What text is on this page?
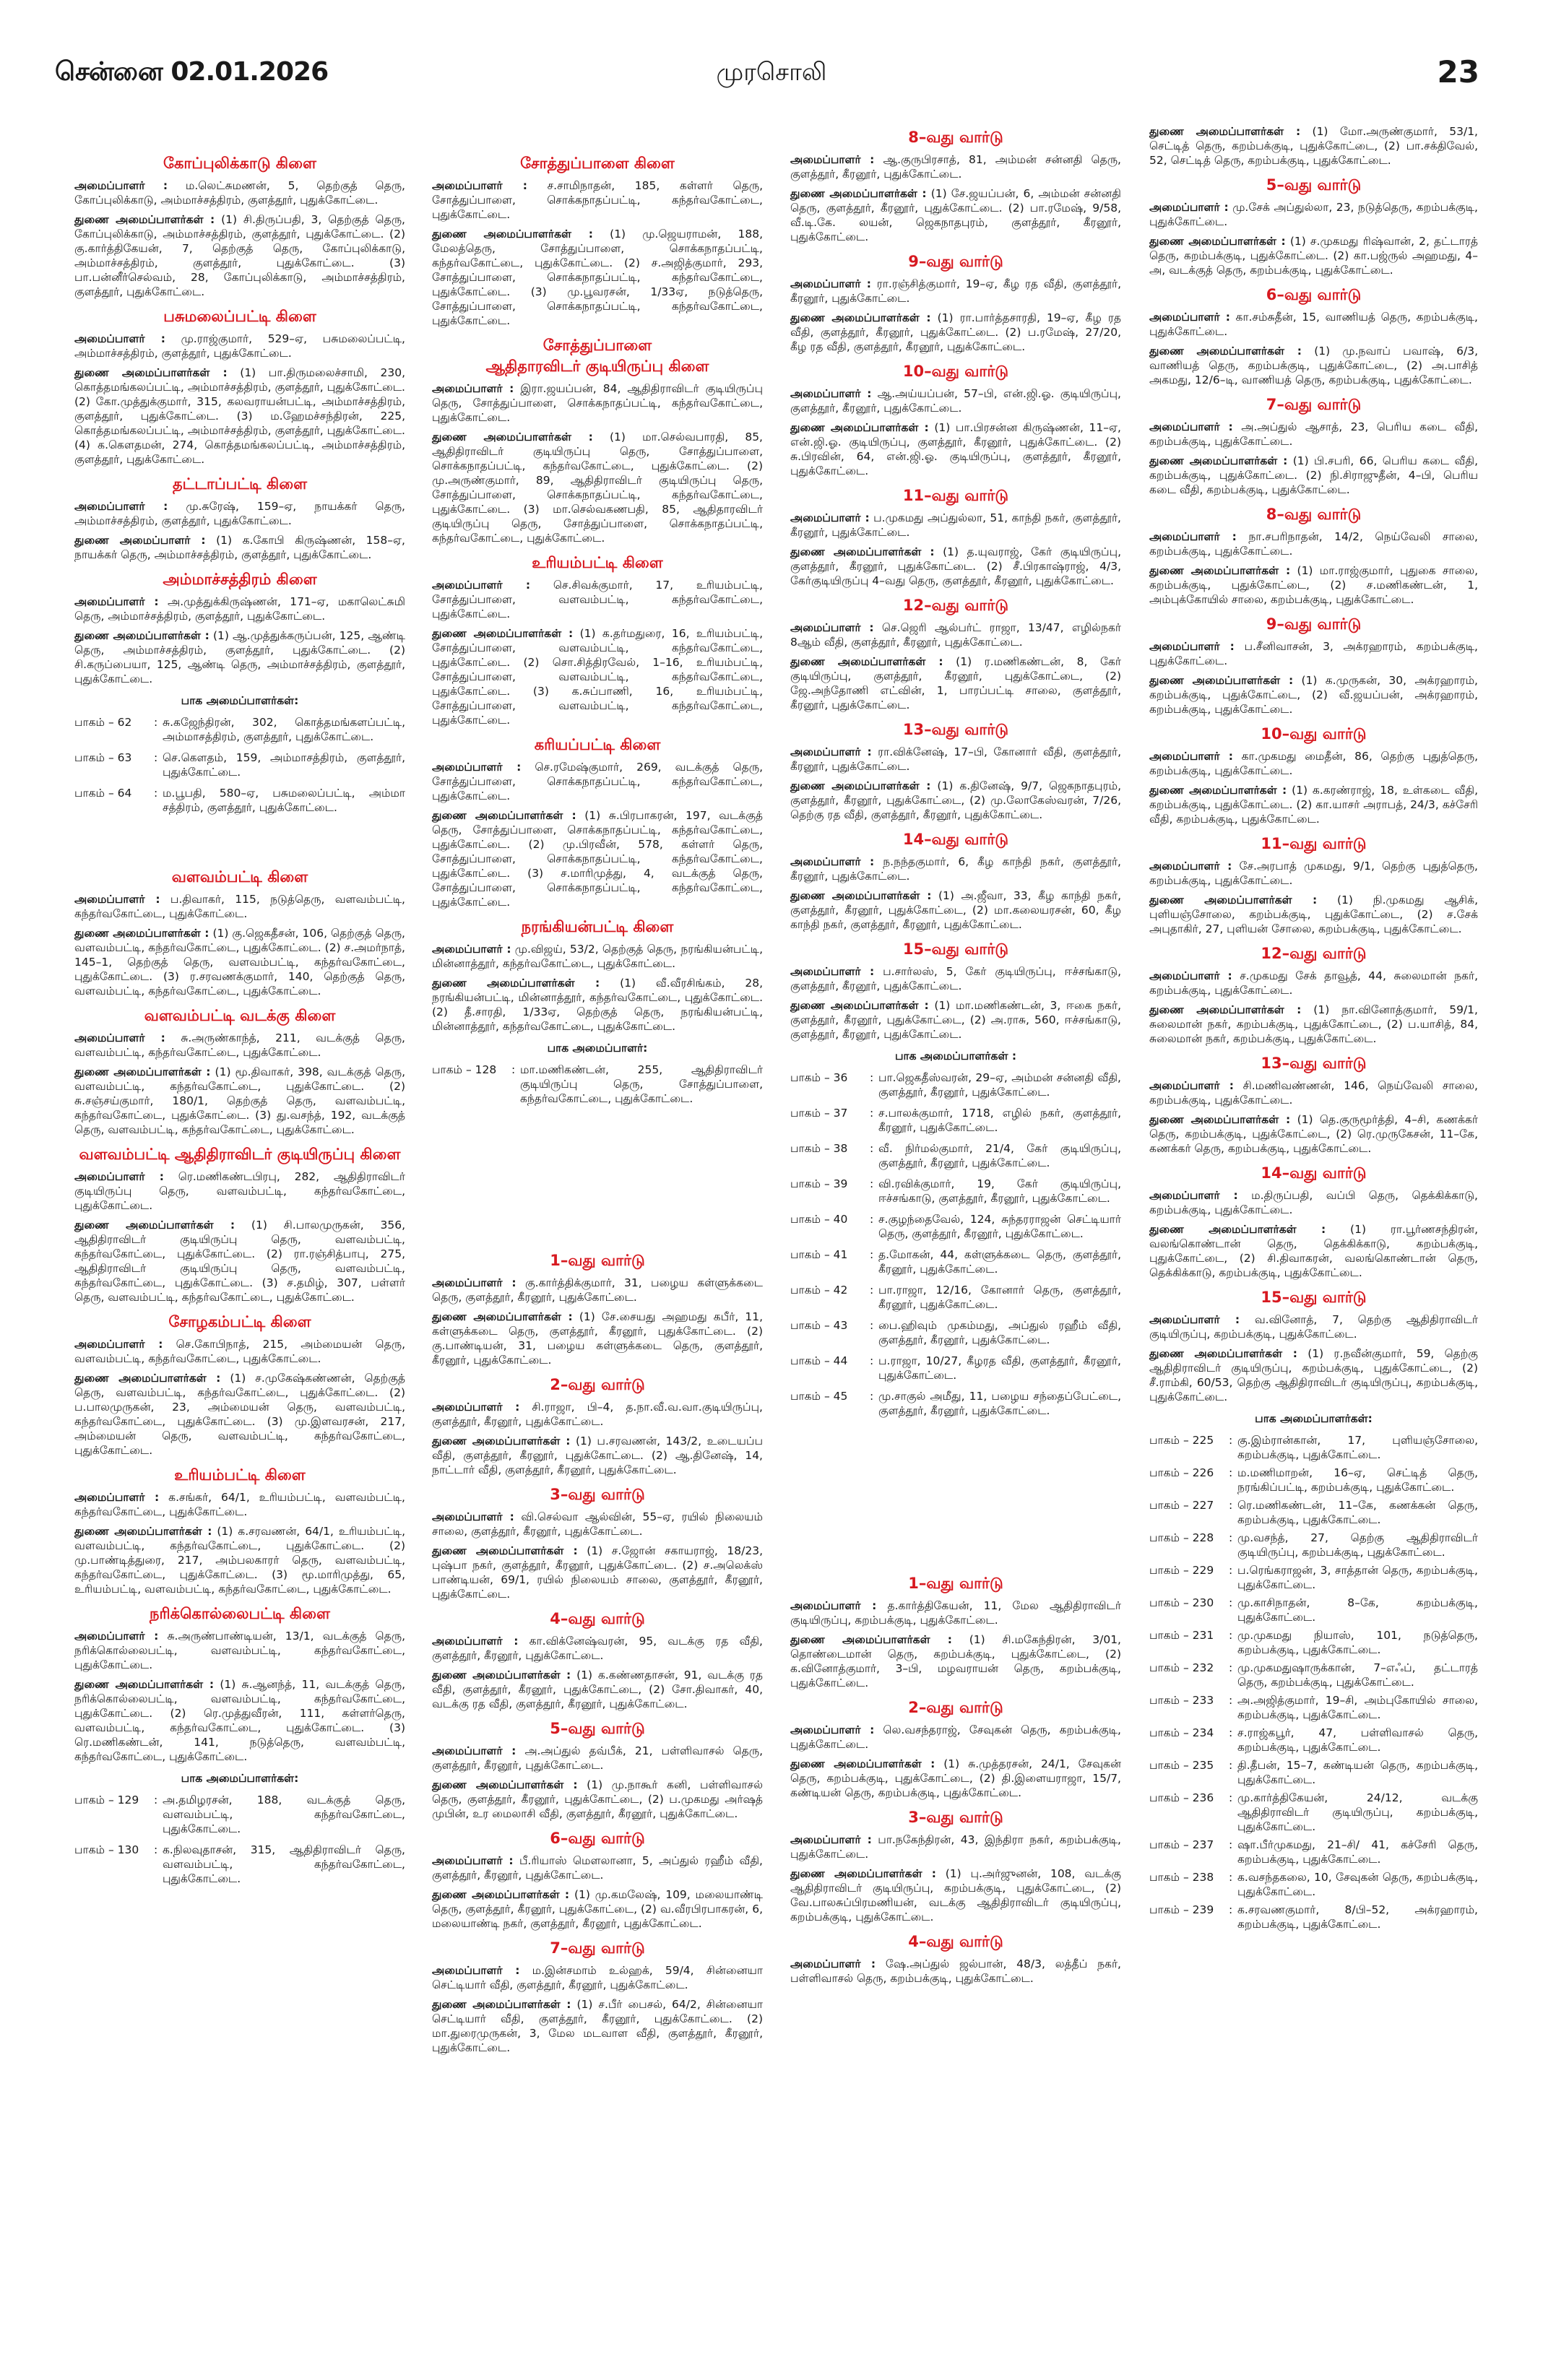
முரசொலி
சென்னை 02.01.2026	23
கோப்புலிக்காடு கிளை

அமைப்பாளர் : ம.லெட்சுமணன், 5, தெற்குத் தெரு, கோப்புலிக்காடு, அம்மாச்சத்திரம், குளத்தூர், புதுக்கோட்டை.

துணை அமைப்பாளர்கள் : (1) சி.திருப்பதி, 3, தெற்குத் தெரு, கோப்புலிக்காடு, அம்மாச்சத்திரம், குளத்தூர், புதுக்கோட்டை. (2) கு.கார்த்திகேயன், 7, தெற்குத் தெரு, கோப்புலிக்காடு, அம்மாச்சத்திரம், குளத்தூர், புதுக்கோட்டை. (3) பா.பன்னீர்செல்வம், 28, கோப்புலிக்காடு, அம்மாச்சத்திரம், குளத்தூர், புதுக்கோட்டை.

பசுமலைப்பட்டி கிளை

அமைப்பாளர் : மு.ராஜ்குமார், 529–ஏ, பசுமலைப்பட்டி, அம்மாச்சத்திரம், குளத்தூர், புதுக்கோட்டை.

துணை அமைப்பாளர்கள் : (1) பா.திருமலைச்சாமி, 230, கொத்தமங்கலப்பட்டி, அம்மாச்சத்திரம், குளத்தூர், புதுக்கோட்டை. (2) கோ.முத்துக்குமார், 315, கலவராயன்பட்டி, அம்மாச்சத்திரம், குளத்தூர், புதுக்கோட்டை. (3) ம.ஹேமச்சந்திரன், 225, கொத்தமங்கலப்பட்டி, அம்மாச்சத்திரம், குளத்தூர், புதுக்கோட்டை. (4) க.கௌதமன், 274, கொத்தமங்கலப்பட்டி, அம்மாச்சத்திரம், குளத்தூர், புதுக்கோட்டை.

தட்டாப்பட்டி கிளை

அமைப்பாளர் : மு.சுரேஷ், 159–ஏ, நாயக்கர் தெரு, அம்மாச்சத்திரம், குளத்தூர், புதுக்கோட்டை.

துணை அமைப்பாளர் : (1) க.கோபி கிருஷ்ணன், 158–ஏ, நாயக்கர் தெரு, அம்மாச்சத்திரம், குளத்தூர், புதுக்கோட்டை.

அம்மாச்சத்திரம் கிளை

அமைப்பாளர் : அ.முத்துக்கிருஷ்ணன், 171–ஏ, மகாலெட்சுமி தெரு, அம்மாச்சத்திரம், குளத்தூர், புதுக்கோட்டை.

துணை அமைப்பாளர்கள் : (1) ஆ.முத்துக்கருப்பன், 125, ஆண்டி தெரு, அம்மாச்சத்திரம், குளத்தூர், புதுக்கோட்டை. (2) சி.கருப்பையா, 125, ஆண்டி தெரு, அம்மாச்சத்திரம், குளத்தூர், புதுக்கோட்டை.

பாக அமைப்பாளர்கள்:
பாகம் – 62	: சு.கஜேந்திரன், 302, கொத்தமங்களப்பட்டி, அம்மாசத்திரம், குளத்தூர், புதுக்கோட்டை.
பாகம் – 63	: செ.கௌதம், 159, அம்மாசத்திரம், குளத்தூர், புதுக்கோட்டை.
பாகம் – 64	: ம.பூபதி, 580–ஏ, பசுமலைப்பட்டி, அம்மா சத்திரம், குளத்தூர், புதுக்கோட்டை.
வளவம்பட்டி கிளை

அமைப்பாளர் : ப.திவாகர், 115, நடுத்தெரு, வளவம்பட்டி, கந்தர்வகோட்டை, புதுக்கோட்டை.

துணை அமைப்பாளர்கள் : (1) கு.ஜெகதீசன், 106, தெற்குத் தெரு, வளவம்பட்டி, கந்தர்வகோட்டை, புதுக்கோட்டை. (2) ச.அமர்நாத், 145–1, தெற்குத் தெரு, வளவம்பட்டி, கந்தர்வகோட்டை, புதுக்கோட்டை. (3) ர.சரவணக்குமார், 140, தெற்குத் தெரு, வளவம்பட்டி, கந்தர்வகோட்டை, புதுக்கோட்டை.

வளவம்பட்டி வடக்கு கிளை

அமைப்பாளர் : சு.அருண்காந்த், 211, வடக்குத் தெரு, வளவம்பட்டி, கந்தர்வகோட்டை, புதுக்கோட்டை.

துணை அமைப்பாளர்கள் : (1) மூ.திவாகர், 398, வடக்குத் தெரு, வளவம்பட்டி, கந்தர்வகோட்டை, புதுக்கோட்டை. (2) சு.சஞ்சய்குமார், 180/1, தெற்குத் தெரு, வளவம்பட்டி, கந்தர்வகோட்டை, புதுக்கோட்டை. (3) து.வசந்த், 192, வடக்குத் தெரு, வளவம்பட்டி, கந்தர்வகோட்டை, புதுக்கோட்டை.

வளவம்பட்டி ஆதிதிராவிடர் குடியிருப்பு கிளை

அமைப்பாளர் : ரெ.மணிகண்டபிரபு, 282, ஆதிதிராவிடர் குடியிருப்பு தெரு, வளவம்பட்டி, கந்தர்வகோட்டை, புதுக்கோட்டை.

துணை அமைப்பாளர்கள் : (1) சி.பாலமுருகன், 356, ஆதிதிராவிடர் குடியிருப்பு தெரு, வளவம்பட்டி, கந்தர்வகோட்டை, புதுக்கோட்டை. (2) ரா.ரஞ்சித்பாபு, 275, ஆதிதிராவிடர் குடியிருப்பு தெரு, வளவம்பட்டி, கந்தர்வகோட்டை, புதுக்கோட்டை. (3) ச.தமிழ், 307, பள்ளர் தெரு, வளவம்பட்டி, கந்தர்வகோட்டை, புதுக்கோட்டை.

சோழகம்பட்டி கிளை

அமைப்பாளர் : செ.கோபிநாத், 215, அம்மையன் தெரு, வளவம்பட்டி, கந்தர்வகோட்டை, புதுக்கோட்டை.

துணை அமைப்பாளர்கள் : (1) ச.முகேஷ்கண்ணன், தெற்குத் தெரு, வளவம்பட்டி, கந்தர்வகோட்டை, புதுக்கோட்டை. (2) ப.பாலமுருகன், 23, அம்மையன் தெரு, வளவம்பட்டி, கந்தர்வகோட்டை, புதுக்கோட்டை. (3) மு.இளவரசன், 217, அம்மையன் தெரு, வளவம்பட்டி, கந்தர்வகோட்டை, புதுக்கோட்டை.

உரியம்பட்டி கிளை

அமைப்பாளர் : க.சங்கர், 64/1, உரியம்பட்டி, வளவம்பட்டி, கந்தர்வகோட்டை, புதுக்கோட்டை.

துணை அமைப்பாளர்கள் : (1) க.சரவணன், 64/1, உரியம்பட்டி, வளவம்பட்டி, கந்தர்வகோட்டை, புதுக்கோட்டை. (2) மு.பாண்டித்துரை, 217, அம்பலகாரர் தெரு, வளவம்பட்டி, கந்தர்வகோட்டை, புதுக்கோட்டை. (3) மூ.மாரிமுத்து, 65, உரியம்பட்டி, வளவம்பட்டி, கந்தர்வகோட்டை, புதுக்கோட்டை.

நரிக்கொல்லைபட்டி கிளை

அமைப்பாளர் : சு.அருண்பாண்டியன், 13/1, வடக்குத் தெரு, நரிக்கொல்லைபட்டி, வளவம்பட்டி, கந்தர்வகோட்டை, புதுக்கோட்டை.

துணை அமைப்பாளர்கள் : (1) சு.ஆனந்த், 11, வடக்குத் தெரு, நரிக்கொல்லைபட்டி, வளவம்பட்டி, கந்தர்வகோட்டை, புதுக்கோட்டை. (2) ரெ.முத்துவீரன், 111, கள்ளர்தெரு, வளவம்பட்டி, கந்தர்வகோட்டை, புதுக்கோட்டை. (3) ரெ.மணிகண்டன், 141, நடுத்தெரு, வளவம்பட்டி, கந்தர்வகோட்டை, புதுக்கோட்டை.

பாக அமைப்பாளர்கள்:
பாகம் – 129	: அ.தமிழரசன், 188, வடக்குத் தெரு, வளவம்பட்டி, கந்தர்வகோட்டை, புதுக்கோட்டை.
பாகம் – 130	: க.நிலவுதாசன், 315, ஆதிதிராவிடர் தெரு, வளவம்பட்டி, கந்தர்வகோட்டை, புதுக்கோட்டை.
சோத்துப்பாளை கிளை

அமைப்பாளர் : ச.சாமிநாதன், 185, கள்ளர் தெரு, சோத்துப்பாளை, சொக்கநாதப்பட்டி, கந்தர்வகோட்டை, புதுக்கோட்டை.

துணை அமைப்பாளர்கள் : (1) மு.ஜெயராமன், 188, மேலத்தெரு, சோத்துப்பாளை, சொக்கநாதப்பட்டி, கந்தர்வகோட்டை, புதுக்கோட்டை. (2) ச.அஜித்குமார், 293, சோத்துப்பாளை, சொக்கநாதப்பட்டி, கந்தர்வகோட்டை, புதுக்கோட்டை. (3) மு.பூவரசன், 1/33ஏ, நடுத்தெரு, சோத்துப்பாளை, சொக்கநாதப்பட்டி, கந்தர்வகோட்டை, புதுக்கோட்டை.

சோத்துப்பாளை
ஆதிதாரவிடர் குடியிருப்பு கிளை

அமைப்பாளர் : இரா.ஜயப்பன், 84, ஆதிதிராவிடர் குடியிருப்பு தெரு, சோத்துப்பாளை, சொக்கநாதப்பட்டி, கந்தர்வகோட்டை, புதுக்கோட்டை.

துணை அமைப்பாளர்கள் : (1) மா.செல்வபாரதி, 85, ஆதிதிராவிடர் குடியிருப்பு தெரு, சோத்துப்பாளை, சொக்கநாதப்பட்டி, கந்தர்வகோட்டை, புதுக்கோட்டை. (2) மு.அருண்குமார், 89, ஆதிதிராவிடர் குடியிருப்பு தெரு, சோத்துப்பாளை, சொக்கநாதப்பட்டி, கந்தர்வகோட்டை, புதுக்கோட்டை. (3) மா.செல்வகணபதி, 85, ஆதிதாரவிடர் குடியிருப்பு தெரு, சோத்துப்பாளை, சொக்கநாதப்பட்டி, கந்தர்வகோட்டை, புதுக்கோட்டை.

உரியம்பட்டி கிளை

அமைப்பாளர் : செ.சிவக்குமார், 17, உரியம்பட்டி, சோத்துப்பாளை, வளவம்பட்டி, கந்தர்வகோட்டை, புதுக்கோட்டை.

துணை அமைப்பாளர்கள் : (1) க.தர்மதுரை, 16, உரியம்பட்டி, சோத்துப்பாளை, வளவம்பட்டி, கந்தர்வகோட்டை, புதுக்கோட்டை. (2) சொ.சித்திரவேல், 1–16, உரியம்பட்டி, சோத்துப்பாளை, வளவம்பட்டி, கந்தர்வகோட்டை, புதுக்கோட்டை. (3) க.சுப்பாணி, 16, உரியம்பட்டி, சோத்துப்பாளை, வளவம்பட்டி, கந்தர்வகோட்டை, புதுக்கோட்டை.

கரியப்பட்டி கிளை

அமைப்பாளர் : செ.ரமேஷ்குமார், 269, வடக்குத் தெரு, சோத்துப்பாளை, சொக்கநாதப்பட்டி, கந்தர்வகோட்டை, புதுக்கோட்டை.

துணை அமைப்பாளர்கள் : (1) சு.பிரபாகரன், 197, வடக்குத் தெரு, சோத்துப்பாளை, சொக்கநாதப்பட்டி, கந்தர்வகோட்டை, புதுக்கோட்டை. (2) மு.பிரவீன், 578, கள்ளர் தெரு, சோத்துப்பாளை, சொக்கநாதப்பட்டி, கந்தர்வகோட்டை, புதுக்கோட்டை. (3) ச.மாரிமுத்து, 4, வடக்குத் தெரு, சோத்துப்பாளை, சொக்கநாதப்பட்டி, கந்தர்வகோட்டை, புதுக்கோட்டை.

நரங்கியன்பட்டி கிளை

அமைப்பாளர் : மு.விஜய், 53/2, தெற்குத் தெரு, நரங்கியன்பட்டி, மின்னாத்தூர், கந்தர்வகோட்டை, புதுக்கோட்டை.

துணை அமைப்பாளர்கள் : (1) வீ.வீரசிங்கம், 28, நரங்கியன்பட்டி, மின்னாத்தூர், கந்தர்வகோட்டை, புதுக்கோட்டை. (2) தீ.சாரதி, 1/33ஏ, தெற்குத் தெரு, நரங்கியன்பட்டி, மின்னாத்தூர், கந்தர்வகோட்டை, புதுக்கோட்டை.

பாக அமைப்பாளர்:
பாகம் – 128	: மா.மணிகண்டன், 255, ஆதிதிராவிடர் குடியிருப்பு தெரு, சோத்துப்பாளை, கந்தர்வகோட்டை, புதுக்கோட்டை.
1–வது வார்டு

அமைப்பாளர் : கு.கார்த்திக்குமார், 31, பழைய கள்ளுக்கடை தெரு, குளத்தூர், கீரனூர், புதுக்கோட்டை.

துணை அமைப்பாளர்கள் : (1) சே.சையது அஹமது கபீர், 11, கள்ளுக்கடை தெரு, குளத்தூர், கீரனூர், புதுக்கோட்டை. (2) கு.பாண்டியன், 31, பழைய கள்ளுக்கடை தெரு, குளத்தூர், கீரனூர், புதுக்கோட்டை.

2–வது வார்டு

அமைப்பாளர் : சி.ராஜா, பி–4, த.நா.வீ.வ.வா.குடியிருப்பு, குளத்தூர், கீரனூர், புதுக்கோட்டை.

துணை அமைப்பாளர்கள் : (1) ப.சரவணன், 143/2, உடையப்ப வீதி, குளத்தூர், கீரனூர், புதுக்கோட்டை. (2) ஆ.தினேஷ், 14, நாட்டார் வீதி, குளத்தூர், கீரனூர், புதுக்கோட்டை.

3–வது வார்டு

அமைப்பாளர் : வி.செல்வா ஆல்வின், 55–ஏ, ரயில் நிலையம் சாலை, குளத்தூர், கீரனூர், புதுக்கோட்டை.

துணை அமைப்பாளர்கள் : (1) ச.ஜோன் சகாயராஜ், 18/23, புஷ்பா நகர், குளத்தூர், கீரனூர், புதுக்கோட்டை. (2) ச.அலெக்ஸ் பாண்டியன், 69/1, ரயில் நிலையம் சாலை, குளத்தூர், கீரனூர், புதுக்கோட்டை.

4–வது வார்டு

அமைப்பாளர் : கா.விக்னேஷ்வரன், 95, வடக்கு ரத வீதி, குளத்தூர், கீரனூர், புதுக்கோட்டை.

துணை அமைப்பாளர்கள் : (1) க.கண்ணதாசன், 91, வடக்கு ரத வீதி, குளத்தூர், கீரனூர், புதுக்கோட்டை, (2) சோ.திவாகர், 40, வடக்கு ரத வீதி, குளத்தூர், கீரனூர், புதுக்கோட்டை.

5–வது வார்டு

அமைப்பாளர் : அ.அப்துல் தவ்பீக், 21, பள்ளிவாசல் தெரு, குளத்தூர், கீரனூர், புதுக்கோட்டை.

துணை அமைப்பாளர்கள் : (1) மு.நாகூர் கனி, பள்ளிவாசல் தெரு, குளத்தூர், கீரனூர், புதுக்கோட்டை, (2) ப.முகமது அர்ஷத் முபின், உர மைலாசி வீதி, குளத்தூர், கீரனூர், புதுக்கோட்டை.

6–வது வார்டு

அமைப்பாளர் : பீ.ரியாஸ் மௌலானா, 5, அப்துல் ரஹீம் வீதி, குளத்தூர், கீரனூர், புதுக்கோட்டை.

துணை அமைப்பாளர்கள் : (1) மு.கமலேஷ், 109, மலையாண்டி தெரு, குளத்தூர், கீரனூர், புதுக்கோட்டை, (2) வ.வீரபிரபாகரன், 6, மலையாண்டி நகர், குளத்தூர், கீரனூர், புதுக்கோட்டை.

7–வது வார்டு

அமைப்பாளர் : ம.இன்சமாம் உல்ஹக், 59/4, சின்னையா செட்டியார் வீதி, குளத்தூர், கீரனூர், புதுக்கோட்டை.

துணை அமைப்பாளர்கள் : (1) ச.பீர் பைசல், 64/2, சின்னையா செட்டியார் வீதி, குளத்தூர், கீரனூர், புதுக்கோட்டை. (2) மா.துரைமுருகன், 3, மேல மடவாள வீதி, குளத்தூர், கீரனூர், புதுக்கோட்டை.

8–வது வார்டு

அமைப்பாளர் : ஆ.குருபிரசாத், 81, அம்மன் சன்னதி தெரு, குளத்தூர், கீரனூர், புதுக்கோட்டை.

துணை அமைப்பாளர்கள் : (1) சே.ஜயப்பன், 6, அம்மன் சன்னதி தெரு, குளத்தூர், கீரனூர், புதுக்கோட்டை. (2) பா.ரமேஷ், 9/58, வீ.டி.கே. லயன், ஜெகநாதபுரம், குளத்தூர், கீரனூர், புதுக்கோட்டை.

9–வது வார்டு

அமைப்பாளர் : ரா.ரஞ்சித்குமார், 19–ஏ, கீழ ரத வீதி, குளத்தூர், கீரனூர், புதுக்கோட்டை.

துணை அமைப்பாளர்கள் : (1) ரா.பார்த்தசாரதி, 19–ஏ, கீழ ரத வீதி, குளத்தூர், கீரனூர், புதுக்கோட்டை. (2) ப.ரமேஷ், 27/20, கீழ ரத வீதி, குளத்தூர், கீரனூர், புதுக்கோட்டை.

10–வது வார்டு

அமைப்பாளர் : ஆ.அய்யப்பன், 57–பி, என்.ஜி.ஓ. குடியிருப்பு, குளத்தூர், கீரனூர், புதுக்கோட்டை.

துணை அமைப்பாளர்கள் : (1) பா.பிரசன்ன கிருஷ்ணன், 11–ஏ, என்.ஜி.ஓ. குடியிருப்பு, குளத்தூர், கீரனூர், புதுக்கோட்டை. (2) சு.பிரவின், 64, என்.ஜி.ஓ. குடியிருப்பு, குளத்தூர், கீரனூர், புதுக்கோட்டை.

11–வது வார்டு

அமைப்பாளர் : ப.முகமது அப்துல்லா, 51, காந்தி நகர், குளத்தூர், கீரனூர், புதுக்கோட்டை.

துணை அமைப்பாளர்கள் : (1) த.யுவராஜ், கேர் குடியிருப்பு, குளத்தூர், கீரனூர், புதுக்கோட்டை. (2) சீ.பிரகாஷ்ராஜ், 4/3, கேர்குடியிருப்பு 4–வது தெரு, குளத்தூர், கீரனூர், புதுக்கோட்டை.

12–வது வார்டு

அமைப்பாளர் : செ.ஜெரி ஆல்பர்ட் ராஜா, 13/47, எழில்நகர் 8ஆம் வீதி, குளத்தூர், கீரனூர், புதுக்கோட்டை.

துணை அமைப்பாளர்கள் : (1) ர.மணிகண்டன், 8, கேர் குடியிருப்பு, குளத்தூர், கீரனூர், புதுக்கோட்டை, (2) ஜே.அந்தோணி எட்வின், 1, பாரப்பட்டி சாலை, குளத்தூர், கீரனூர், புதுக்கோட்டை.

13–வது வார்டு

அமைப்பாளர் : ரா.விக்னேஷ், 17–பி, கோனார் வீதி, குளத்தூர், கீரனூர், புதுக்கோட்டை.

துணை அமைப்பாளர்கள் : (1) க.தினேஷ், 9/7, ஜெகநாதபுரம், குளத்தூர், கீரனூர், புதுக்கோட்டை, (2) மு.லோகேஸ்வரன், 7/26, தெற்கு ரத வீதி, குளத்தூர், கீரனூர், புதுக்கோட்டை.

14–வது வார்டு

அமைப்பாளர் : ந.நந்தகுமார், 6, கீழ காந்தி நகர், குளத்தூர், கீரனூர், புதுக்கோட்டை.

துணை அமைப்பாளர்கள் : (1) அ.ஜீவா, 33, கீழ காந்தி நகர், குளத்தூர், கீரனூர், புதுக்கோட்டை, (2) மா.கலையரசன், 60, கீழ காந்தி நகர், குளத்தூர், கீரனூர், புதுக்கோட்டை.

15–வது வார்டு

அமைப்பாளர் : ப.சார்லஸ், 5, கேர் குடியிருப்பு, ஈச்சங்காடு, குளத்தூர், கீரனூர், புதுக்கோட்டை.

துணை அமைப்பாளர்கள் : (1) மா.மணிகண்டன், 3, ஈகை நகர், குளத்தூர், கீரனூர், புதுக்கோட்டை, (2) அ.ராசு, 560, ஈச்சங்காடு, குளத்தூர், கீரனூர், புதுக்கோட்டை.

பாக அமைப்பாளர்கள் :
பாகம் – 36	: பா.ஜெகதீஸ்வரன், 29–ஏ, அம்மன் சன்னதி வீதி, குளத்தூர், கீரனூர், புதுக்கோட்டை.
பாகம் – 37	: ச.பாலக்குமார், 1718, எழில் நகர், குளத்தூர், கீரனூர், புதுக்கோட்டை.
பாகம் – 38	: வீ. நிர்மல்குமார், 21/4, கேர் குடியிருப்பு, குளத்தூர், கீரனூர், புதுக்கோட்டை.
பாகம் – 39	: வி.ரவிக்குமார், 19, கேர் குடியிருப்பு, ஈச்சங்காடு, குளத்தூர், கீரனூர், புதுக்கோட்டை.
பாகம் – 40	: ச.குழந்தைவேல், 124, சுந்தரராஜன் செட்டியார் தெரு, குளத்தூர், கீரனூர், புதுக்கோட்டை.
பாகம் – 41	: த.மோகன், 44, கள்ளுக்கடை தெரு, குளத்தூர், கீரனூர், புதுக்கோட்டை.
பாகம் – 42	: பா.ராஜா, 12/16, கோனார் தெரு, குளத்தூர், கீரனூர், புதுக்கோட்டை.
பாகம் – 43	: பை.ஹிவும் முகம்மது, அப்துல் ரஹீம் வீதி, குளத்தூர், கீரனூர், புதுக்கோட்டை.
பாகம் – 44	: ப.ராஜா, 10/27, கீழரத வீதி, குளத்தூர், கீரனூர், புதுக்கோட்டை.
பாகம் – 45	: மு.சாகுல் அமீது, 11, பழைய சந்தைப்பேட்டை, குளத்தூர், கீரனூர், புதுக்கோட்டை.
1–வது வார்டு

அமைப்பாளர் : த.கார்த்திகேயன், 11, மேல ஆதிதிராவிடர் குடியிருப்பு, கறம்பக்குடி, புதுக்கோட்டை.

துணை அமைப்பாளர்கள் : (1) சி.மகேந்திரன், 3/01, தொண்டைமான் தெரு, கறம்பக்குடி, புதுக்கோட்டை, (2) க.வினோத்குமார், 3–பி, மழவராயன் தெரு, கறம்பக்குடி, புதுக்கோட்டை.

2–வது வார்டு

அமைப்பாளர் : லெ.வசந்தராஜ், சேவுகன் தெரு, கறம்பக்குடி, புதுக்கோட்டை.

துணை அமைப்பாளர்கள் : (1) சு.முத்தரசன், 24/1, சேவுகன் தெரு, கறம்பக்குடி, புதுக்கோட்டை, (2) தி.இளையராஜா, 15/7, கண்டியன் தெரு, கறம்பக்குடி, புதுக்கோட்டை.

3–வது வார்டு

அமைப்பாளர் : பா.நகேந்திரன், 43, இந்திரா நகர், கறம்பக்குடி, புதுக்கோட்டை.

துணை அமைப்பாளர்கள் : (1) பு.அர்ஜுனன், 108, வடக்கு ஆதிதிராவிடர் குடியிருப்பு, கறம்பக்குடி, புதுக்கோட்டை, (2) வே.பாலசுப்பிரமணியன், வடக்கு ஆதிதிராவிடர் குடியிருப்பு, கறம்பக்குடி, புதுக்கோட்டை.

4–வது வார்டு

அமைப்பாளர் : ஷே.அப்துல் ஜல்பான், 48/3, லத்தீப் நகர், பள்ளிவாசல் தெரு, கறம்பக்குடி, புதுக்கோட்டை.

துணை அமைப்பாளர்கள் : (1) மோ.அருண்குமார், 53/1, செட்டித் தெரு, கறம்பக்குடி, புதுக்கோட்டை, (2) பா.சக்திவேல், 52, செட்டித் தெரு, கறம்பக்குடி, புதுக்கோட்டை.

5–வது வார்டு

அமைப்பாளர் : மு.சேக் அப்துல்லா, 23, நடுத்தெரு, கறம்பக்குடி, புதுக்கோட்டை.

துணை அமைப்பாளர்கள் : (1) ச.முகமது ரிஷ்வான், 2, தட்டாரத் தெரு, கறம்பக்குடி, புதுக்கோட்டை. (2) கா.பஜ்ருல் அஹமது, 4–அ, வடக்குத் தெரு, கறம்பக்குடி, புதுக்கோட்டை.

6–வது வார்டு

அமைப்பாளர் : கா.சம்சுதீன், 15, வாணியத் தெரு, கறம்பக்குடி, புதுக்கோட்டை.

துணை அமைப்பாளர்கள் : (1) மு.நவாப் பவாஷ், 6/3, வாணியத் தெரு, கறம்பக்குடி, புதுக்கோட்டை, (2) அ.பாசித் அகமது, 12/6–டி, வாணியத் தெரு, கறம்பக்குடி, புதுக்கோட்டை.

7–வது வார்டு

அமைப்பாளர் : அ.அப்துல் ஆசாத், 23, பெரிய கடை வீதி, கறம்பக்குடி, புதுக்கோட்டை.

துணை அமைப்பாளர்கள் : (1) பி.சபரி, 66, பெரிய கடை வீதி, கறம்பக்குடி, புதுக்கோட்டை. (2) நி.சிராஜுதீன், 4–பி, பெரிய கடை வீதி, கறம்பக்குடி, புதுக்கோட்டை.

8–வது வார்டு

அமைப்பாளர் : நா.சபரிநாதன், 14/2, நெய்வேலி சாலை, கறம்பக்குடி, புதுக்கோட்டை.

துணை அமைப்பாளர்கள் : (1) மா.ராஜ்குமார், புதுகை சாலை, கறம்பக்குடி, புதுக்கோட்டை, (2) ச.மணிகண்டன், 1, அம்புக்கோயில் சாலை, கறம்பக்குடி, புதுக்கோட்டை.

9–வது வார்டு

அமைப்பாளர் : ப.சீனிவாசன், 3, அக்ரஹாரம், கறம்பக்குடி, புதுக்கோட்டை.

துணை அமைப்பாளர்கள் : (1) க.முருகன், 30, அக்ரஹாரம், கறம்பக்குடி, புதுக்கோட்டை, (2) வீ.ஜயப்பன், அக்ரஹாரம், கறம்பக்குடி, புதுக்கோட்டை.

10–வது வார்டு

அமைப்பாளர் : கா.முகமது மைதீன், 86, தெற்கு புதுத்தெரு, கறம்பக்குடி, புதுக்கோட்டை.

துணை அமைப்பாளர்கள் : (1) க.கரண்ராஜ், 18, உள்கடை வீதி, கறம்பக்குடி, புதுக்கோட்டை. (2) கா.யாசர் அராபத், 24/3, கச்சேரி வீதி, கறம்பக்குடி, புதுக்கோட்டை.

11–வது வார்டு

அமைப்பாளர் : சே.அரபாத் முகமது, 9/1, தெற்கு புதுத்தெரு, கறம்பக்குடி, புதுக்கோட்டை.

துணை அமைப்பாளர்கள் : (1) நி.முகமது ஆசிக், புளியஞ்சோலை, கறம்பக்குடி, புதுக்கோட்டை, (2) ச.சேக் அபுதாகிர், 27, புளியன் சோலை, கறம்பக்குடி, புதுக்கோட்டை.

12–வது வார்டு

அமைப்பாளர் : ச.முகமது சேக் தாவூத், 44, சுலைமான் நகர், கறம்பக்குடி, புதுக்கோட்டை.

துணை அமைப்பாளர்கள் : (1) நா.வினோத்குமார், 59/1, சுலைமான் நகர், கறம்பக்குடி, புதுக்கோட்டை, (2) ப.யாசித், 84, சுலைமான் நகர், கறம்பக்குடி, புதுக்கோட்டை.

13–வது வார்டு

அமைப்பாளர் : சி.மணிவண்ணன், 146, நெய்வேலி சாலை, கறம்பக்குடி, புதுக்கோட்டை.

துணை அமைப்பாளர்கள் : (1) தெ.குருமூர்த்தி, 4–சி, கணக்கர் தெரு, கறம்பக்குடி, புதுக்கோட்டை, (2) ரெ.முருகேசன், 11–கே, கணக்கர் தெரு, கறம்பக்குடி, புதுக்கோட்டை.

14–வது வார்டு

அமைப்பாளர் : ம.திருப்பதி, வப்பி தெரு, தெக்கிக்காடு, கறம்பக்குடி, புதுக்கோட்டை.

துணை அமைப்பாளர்கள் : (1) ரா.பூர்ணசந்திரன், வலங்கொண்டான் தெரு, தெக்கிக்காடு, கறம்பக்குடி, புதுக்கோட்டை, (2) சி.திவாகரன், வலங்கொண்டான் தெரு, தெக்கிக்காடு, கறம்பக்குடி, புதுக்கோட்டை.

15–வது வார்டு

அமைப்பாளர் : வ.வினோத், 7, தெற்கு ஆதிதிராவிடர் குடியிருப்பு, கறம்பக்குடி, புதுக்கோட்டை.

துணை அமைப்பாளர்கள் : (1) ர.நவீன்குமார், 59, தெற்கு ஆதிதிராவிடர் குடியிருப்பு, கறம்பக்குடி, புதுக்கோட்டை, (2) சீ.ராம்கி, 60/53, தெற்கு ஆதிதிராவிடர் குடியிருப்பு, கறம்பக்குடி, புதுக்கோட்டை.

பாக அமைப்பாளர்கள்:
பாகம் – 225	: கு.இம்ரான்கான், 17, புளியஞ்சோலை, கறம்பக்குடி, புதுக்கோட்டை.
பாகம் – 226	: ம.மணிமாறன், 16–ஏ, செட்டித் தெரு, நரங்கிப்பட்டி, கறம்பக்குடி, புதுக்கோட்டை.
பாகம் – 227	: ரெ.மணிகண்டன், 11–கே, கணக்கன் தெரு, கறம்பக்குடி, புதுக்கோட்டை.
பாகம் – 228	: மு.வசந்த், 27, தெற்கு ஆதிதிராவிடர் குடியிருப்பு, கறம்பக்குடி, புதுக்கோட்டை.
பாகம் – 229	: ப.ரெங்கராஜன், 3, சாத்தான் தெரு, கறம்பக்குடி, புதுக்கோட்டை.
பாகம் – 230	: மு.காசிநாதன், 8–கே, கறம்பக்குடி, புதுக்கோட்டை.
பாகம் – 231	: மு.முகமது நியாஸ், 101, நடுத்தெரு, கறம்பக்குடி, புதுக்கோட்டை.
பாகம் – 232	: மு.முகமதுஷாருக்கான், 7–எஃப், தட்டாரத் தெரு, கறம்பக்குடி, புதுக்கோட்டை.
பாகம் – 233	: அ.அஜித்குமார், 19–சி, அம்புகோயில் சாலை, கறம்பக்குடி, புதுக்கோட்டை.
பாகம் – 234	: ச.ராஜ்கபூர், 47, பள்ளிவாசல் தெரு, கறம்பக்குடி, புதுக்கோட்டை.
பாகம் – 235	: தி.தீபன், 15–7, கண்டியன் தெரு, கறம்பக்குடி, புதுக்கோட்டை.
பாகம் – 236	: மு.கார்த்திகேயன், 24/12, வடக்கு ஆதிதிராவிடர் குடியிருப்பு, கறம்பக்குடி, புதுக்கோட்டை.
பாகம் – 237	: ஷா.பீர்முகமது, 21–சி/ 41, கச்சேரி தெரு, கறம்பக்குடி, புதுக்கோட்டை.
பாகம் – 238	: க.வசந்தகலை, 10, சேவுகன் தெரு, கறம்பக்குடி, புதுக்கோட்டை.
பாகம் – 239	: க.சரவணகுமார், 8/பி–52, அக்ரஹாரம், கறம்பக்குடி, புதுக்கோட்டை.
